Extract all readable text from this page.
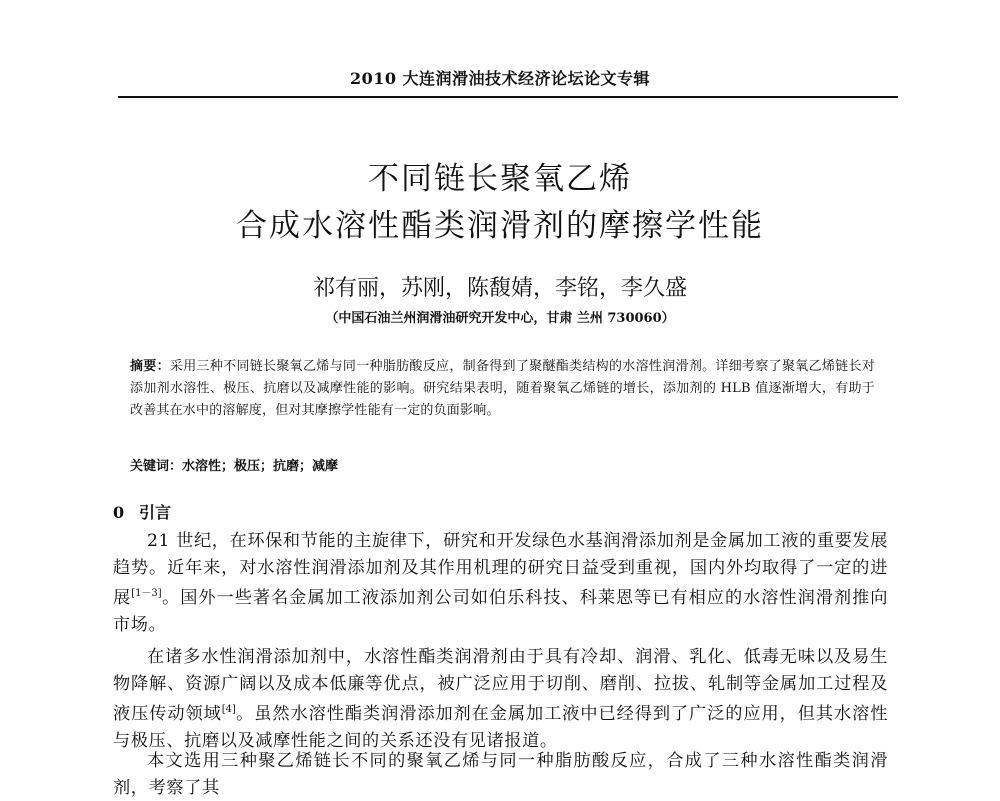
2010 大连润滑油技术经济论坛论文专辑
不同链长聚氧乙烯
合成水溶性酯类润滑剂的摩擦学性能
祁有丽，苏刚，陈馥婧，李铭，李久盛
（中国石油兰州润滑油研究开发中心，甘肃 兰州 730060）
摘要：采用三种不同链长聚氧乙烯与同一种脂肪酸反应，制备得到了聚醚酯类结构的水溶性润滑剂。详细考察了聚氧乙烯链长对添加剂水溶性、极压、抗磨以及减摩性能的影响。研究结果表明，随着聚氧乙烯链的增长，添加剂的 HLB 值逐渐增大，有助于改善其在水中的溶解度，但对其摩擦学性能有一定的负面影响。
关键词：水溶性；极压；抗磨；减摩
0 引言

21 世纪，在环保和节能的主旋律下，研究和开发绿色水基润滑添加剂是金属加工液的重要发展趋势。近年来，对水溶性润滑添加剂及其作用机理的研究日益受到重视，国内外均取得了一定的进展[1－3]。国外一些著名金属加工液添加剂公司如伯乐科技、科莱恩等已有相应的水溶性润滑剂推向市场。

在诸多水性润滑添加剂中，水溶性酯类润滑剂由于具有冷却、润滑、乳化、低毒无味以及易生物降解、资源广阔以及成本低廉等优点，被广泛应用于切削、磨削、拉拔、轧制等金属加工过程及液压传动领域[4]。虽然水溶性酯类润滑添加剂在金属加工液中已经得到了广泛的应用，但其水溶性与极压、抗磨以及减摩性能之间的关系还没有见诸报道。

本文选用三种聚乙烯链长不同的聚氧乙烯与同一种脂肪酸反应，合成了三种水溶性酯类润滑剂，考察了其
